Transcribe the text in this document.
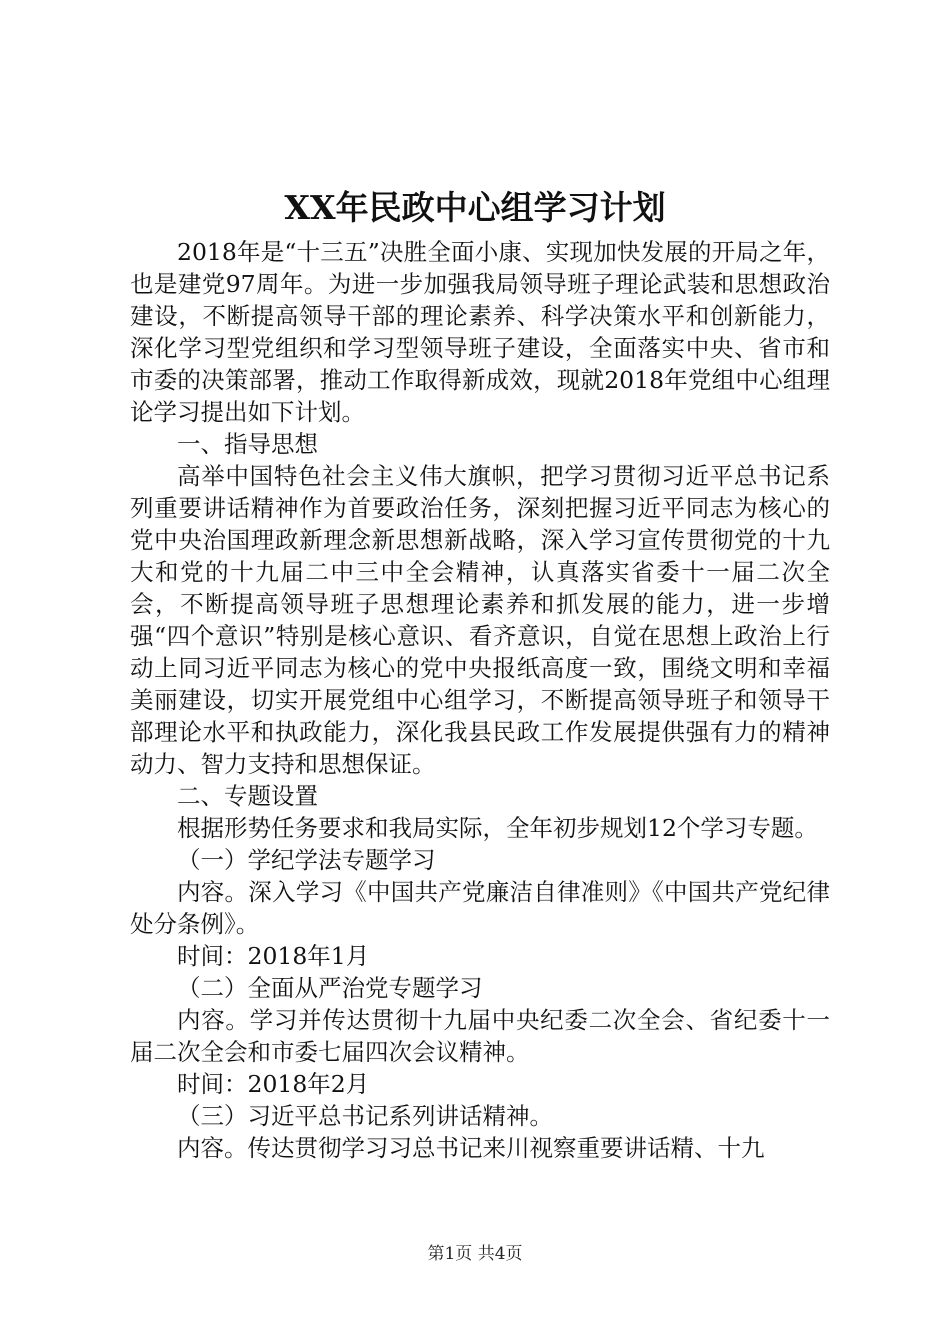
XX年民政中心组学习计划

2018年是“十三五”决胜全面小康、实现加快发展的开局之年，也是建党97周年。为进一步加强我局领导班子理论武装和思想政治建设，不断提高领导干部的理论素养、科学决策水平和创新能力，深化学习型党组织和学习型领导班子建设，全面落实中央、省市和市委的决策部署，推动工作取得新成效，现就2018年党组中心组理论学习提出如下计划。

一、指导思想

高举中国特色社会主义伟大旗帜，把学习贯彻习近平总书记系列重要讲话精神作为首要政治任务，深刻把握习近平同志为核心的党中央治国理政新理念新思想新战略，深入学习宣传贯彻党的十九大和党的十九届二中三中全会精神，认真落实省委十一届二次全会，不断提高领导班子思想理论素养和抓发展的能力，进一步增强“四个意识”特别是核心意识、看齐意识，自觉在思想上政治上行动上同习近平同志为核心的党中央报纸高度一致，围绕文明和幸福美丽建设，切实开展党组中心组学习，不断提高领导班子和领导干部理论水平和执政能力，深化我县民政工作发展提供强有力的精神动力、智力支持和思想保证。

二、专题设置

根据形势任务要求和我局实际，全年初步规划12个学习专题。

（一）学纪学法专题学习

内容。深入学习《中国共产党廉洁自律准则》《中国共产党纪律处分条例》。

时间：2018年1月

（二）全面从严治党专题学习

内容。学习并传达贯彻十九届中央纪委二次全会、省纪委十一届二次全会和市委七届四次会议精神。

时间：2018年2月

（三）习近平总书记系列讲话精神。

内容。传达贯彻学习习总书记来川视察重要讲话精、十九

第1页 共4页
